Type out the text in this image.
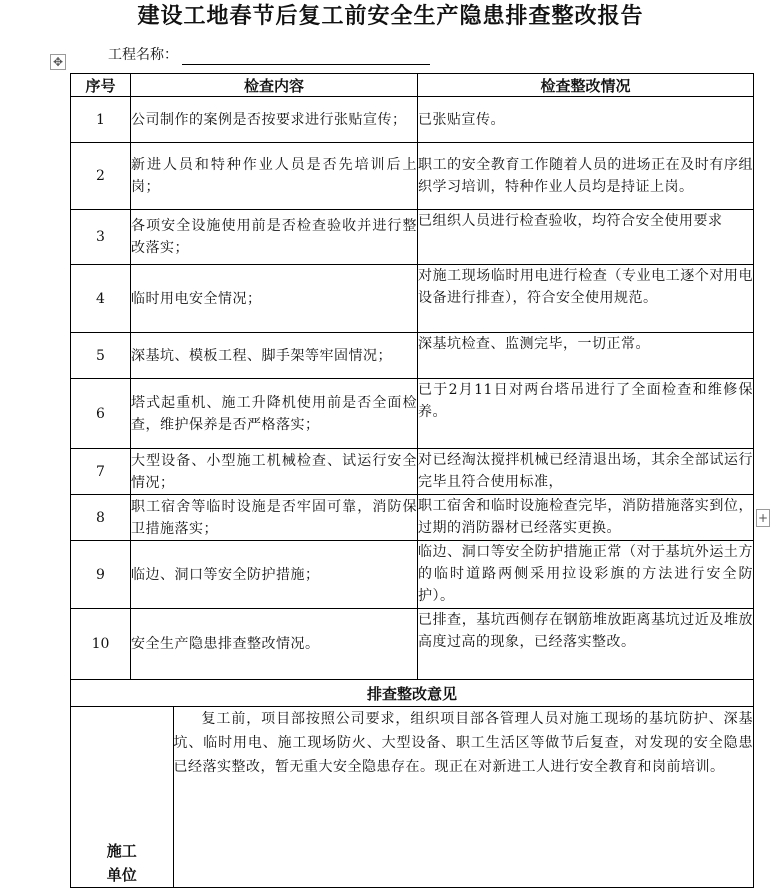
建设工地春节后复工前安全生产隐患排查整改报告
✥	工程名称：
序号	检查内容	检查整改情况
1	公司制作的案例是否按要求进行张贴宣传；	已张贴宣传。
2	新进人员和特种作业人员是否先培训后上岗；	职工的安全教育工作随着人员的进场正在及时有序组织学习培训，特种作业人员均是持证上岗。
3	各项安全设施使用前是否检查验收并进行整改落实；	已组织人员进行检查验收，均符合安全使用要求
4	临时用电安全情况；	对施工现场临时用电进行检查（专业电工逐个对用电设备进行排查），符合安全使用规范。
5	深基坑、模板工程、脚手架等牢固情况；	深基坑检查、监测完毕，一切正常。
6	塔式起重机、施工升降机使用前是否全面检查，维护保养是否严格落实；	已于2月11日对两台塔吊进行了全面检查和维修保养。
7	大型设备、小型施工机械检查、试运行安全情况；	对已经淘汰搅拌机械已经清退出场，其余全部试运行完毕且符合使用标准，
8	职工宿舍等临时设施是否牢固可靠，消防保卫措施落实；	职工宿舍和临时设施检查完毕，消防措施落实到位，过期的消防器材已经落实更换。
9	临边、洞口等安全防护措施；	临边、洞口等安全防护措施正常（对于基坑外运土方的临时道路两侧采用拉设彩旗的方法进行安全防护）。
10	安全生产隐患排查整改情况。	已排查，基坑西侧存在钢筋堆放距离基坑过近及堆放高度过高的现象，已经落实整改。
排查整改意见

施工
单位
	复工前，项目部按照公司要求，组织项目部各管理人员对施工现场的基坑防护、深基坑、临时用电、施工现场防火、大型设备、职工生活区等做节后复查，对发现的安全隐患已经落实整改，暂无重大安全隐患存在。现正在对新进工人进行安全教育和岗前培训。
+
